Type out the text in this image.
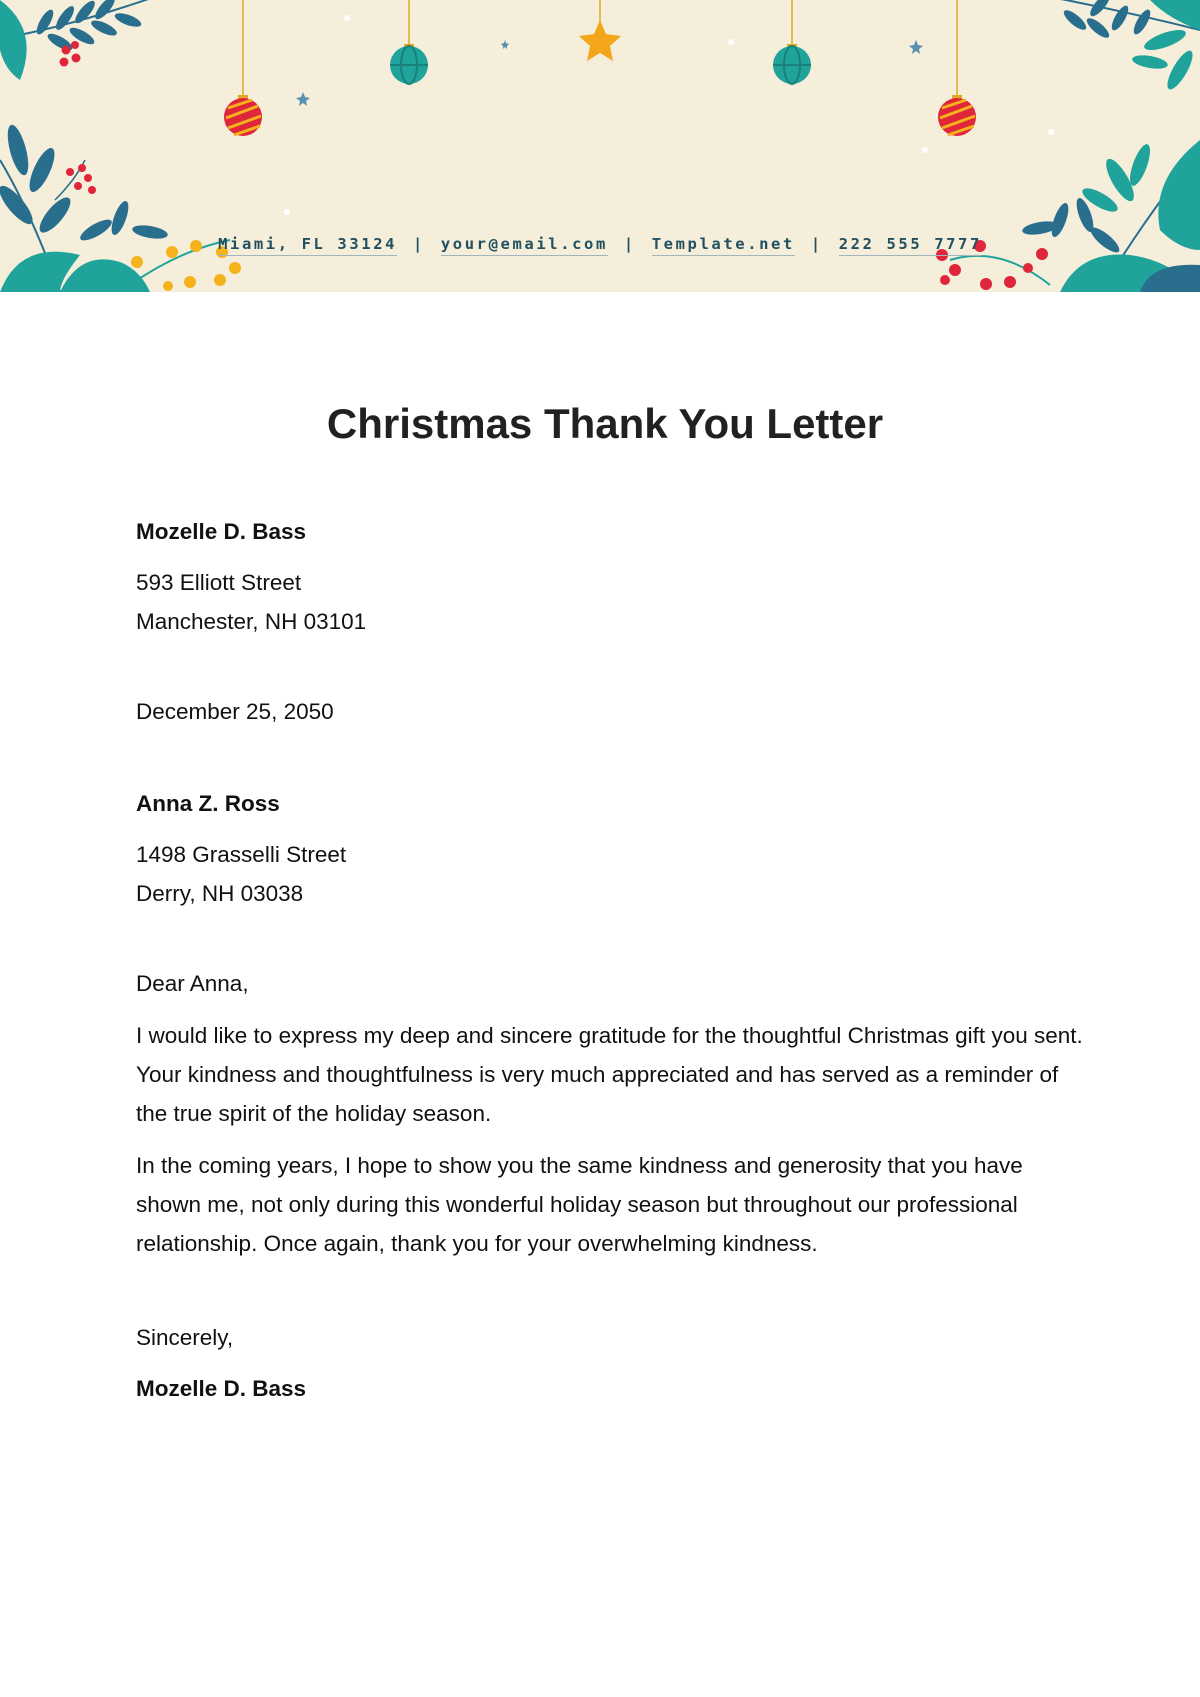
Miami, FL 33124 | your@email.com | Template.net | 222 555 7777
Christmas Thank You Letter

Mozelle D. Bass

593 Elliott Street

Manchester, NH 03101

December 25, 2050

Anna Z. Ross

1498 Grasselli Street

Derry, NH 03038

Dear Anna,

I would like to express my deep and sincere gratitude for the thoughtful Christmas gift you sent. Your kindness and thoughtfulness is very much appreciated and has served as a reminder of the true spirit of the holiday season.

In the coming years, I hope to show you the same kindness and generosity that you have shown me, not only during this wonderful holiday season but throughout our professional relationship. Once again, thank you for your overwhelming kindness.

Sincerely,

Mozelle D. Bass
